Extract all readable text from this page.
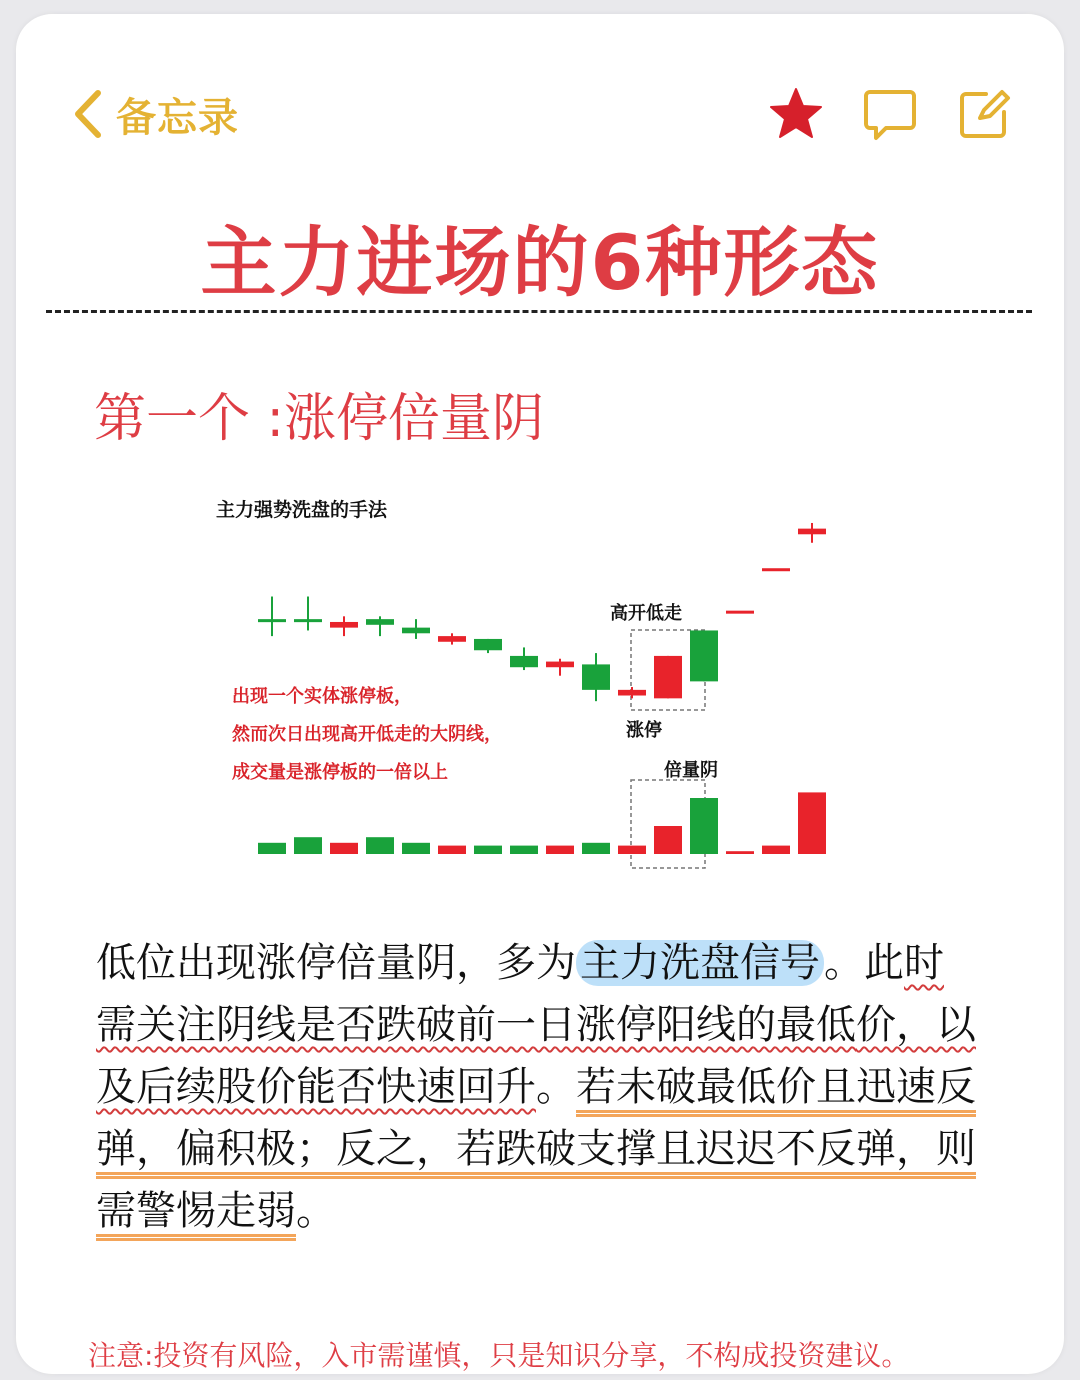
备忘录
主力进场的6种形态
第一个 :涨停倍量阴
主力强势洗盘的手法
出现一个实体涨停板，
然而次日出现高开低走的大阴线，
成交量是涨停板的一倍以上
高开低走
涨停
倍量阴
低位出现涨停倍量阴，多为 主力洗盘信号 。此时需关注阴线是否跌破前一日涨停阳线的最低价，以及后续股价能否快速回升。若未破最低价且迅速反弹，偏积极；反之，若跌破支撑且迟迟不反弹，则需警惕走弱。
注意:投资有风险，入市需谨慎，只是知识分享，不构成投资建议。
